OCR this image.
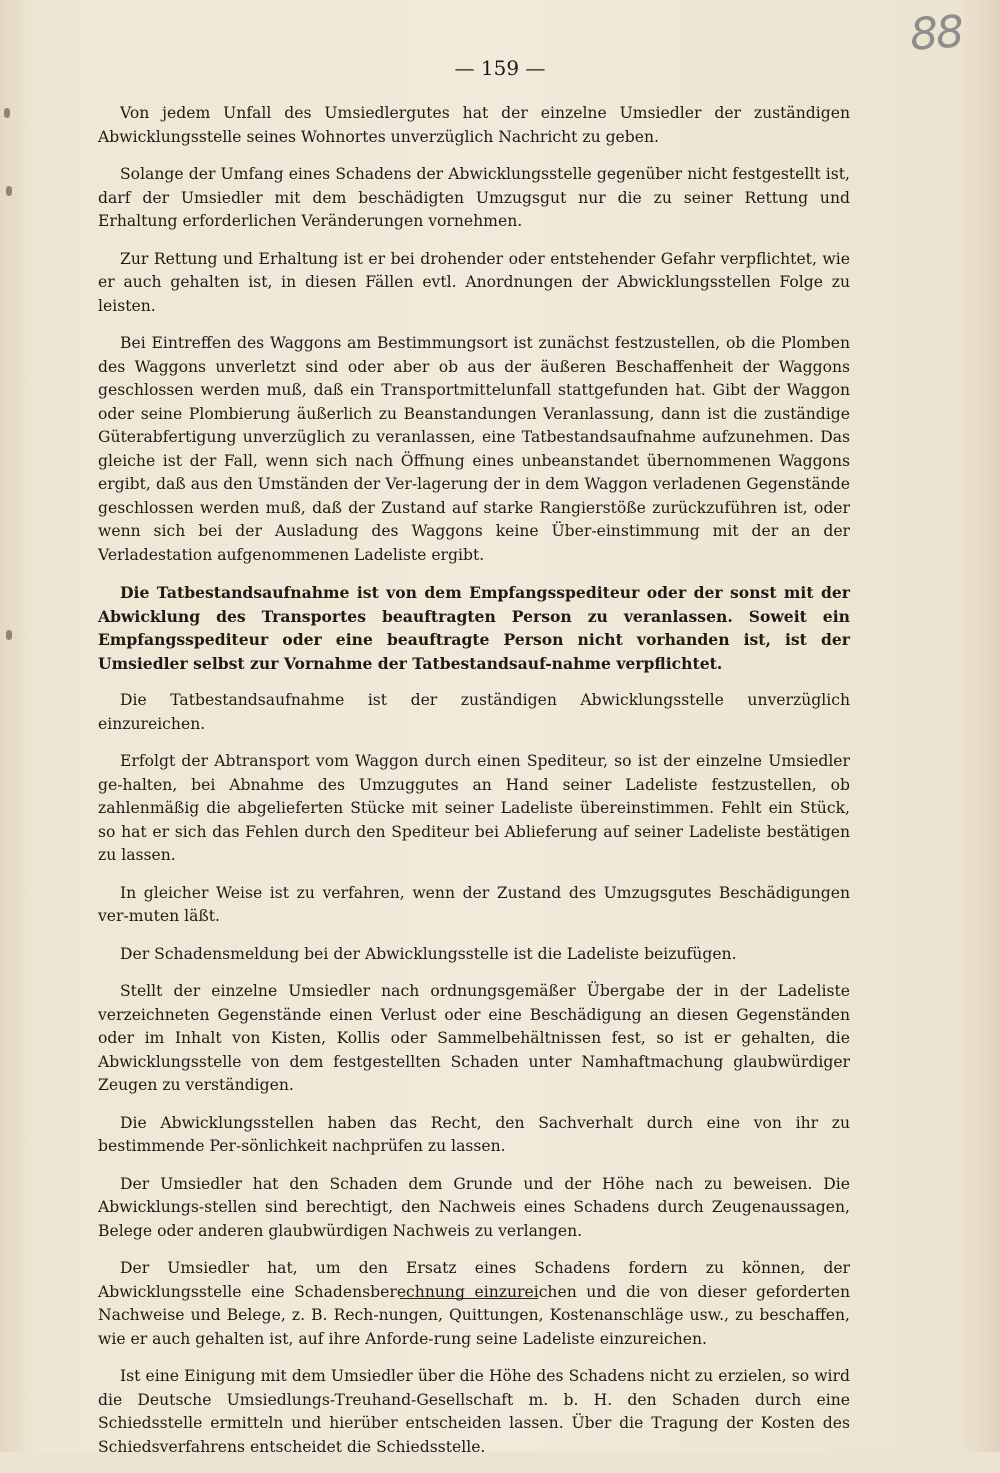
88
— 159 —

Von jedem Unfall des Umsiedlergutes hat der einzelne Umsiedler der zuständigen Abwicklungsstelle seines Wohnortes unverzüglich Nachricht zu geben.

Solange der Umfang eines Schadens der Abwicklungsstelle gegenüber nicht festgestellt ist, darf der Umsiedler mit dem beschädigten Umzugsgut nur die zu seiner Rettung und Erhaltung erforderlichen Veränderungen vornehmen.

Zur Rettung und Erhaltung ist er bei drohender oder entstehender Gefahr verpflichtet, wie er auch gehalten ist, in diesen Fällen evtl. Anordnungen der Abwicklungsstellen Folge zu leisten.

Bei Eintreffen des Waggons am Bestimmungsort ist zunächst festzustellen, ob die Plomben des Waggons unverletzt sind oder aber ob aus der äußeren Beschaffenheit der Waggons geschlossen werden muß, daß ein Transportmittelunfall stattgefunden hat. Gibt der Waggon oder seine Plombierung äußerlich zu Beanstandungen Veranlassung, dann ist die zuständige Güterabfertigung unverzüglich zu veranlassen, eine Tatbestandsaufnahme aufzunehmen. Das gleiche ist der Fall, wenn sich nach Öffnung eines unbeanstandet übernommenen Waggons ergibt, daß aus den Umständen der Ver-lagerung der in dem Waggon verladenen Gegenstände geschlossen werden muß, daß der Zustand auf starke Rangierstöße zurückzuführen ist, oder wenn sich bei der Ausladung des Waggons keine Über-einstimmung mit der an der Verladestation aufgenommenen Ladeliste ergibt.

Die Tatbestandsaufnahme ist von dem Empfangsspediteur oder der sonst mit der Abwicklung des Transportes beauftragten Person zu veranlassen. Soweit ein Empfangsspediteur oder eine beauftragte Person nicht vorhanden ist, ist der Umsiedler selbst zur Vornahme der Tatbestandsauf-nahme verpflichtet.

Die Tatbestandsaufnahme ist der zuständigen Abwicklungsstelle unverzüglich einzureichen.

Erfolgt der Abtransport vom Waggon durch einen Spediteur, so ist der einzelne Umsiedler ge-halten, bei Abnahme des Umzuggutes an Hand seiner Ladeliste festzustellen, ob zahlenmäßig die abgelieferten Stücke mit seiner Ladeliste übereinstimmen. Fehlt ein Stück, so hat er sich das Fehlen durch den Spediteur bei Ablieferung auf seiner Ladeliste bestätigen zu lassen.

In gleicher Weise ist zu verfahren, wenn der Zustand des Umzugsgutes Beschädigungen ver-muten läßt.

Der Schadensmeldung bei der Abwicklungsstelle ist die Ladeliste beizufügen.

Stellt der einzelne Umsiedler nach ordnungsgemäßer Übergabe der in der Ladeliste verzeichneten Gegenstände einen Verlust oder eine Beschädigung an diesen Gegenständen oder im Inhalt von Kisten, Kollis oder Sammelbehältnissen fest, so ist er gehalten, die Abwicklungsstelle von dem festgestellten Schaden unter Namhaftmachung glaubwürdiger Zeugen zu verständigen.

Die Abwicklungsstellen haben das Recht, den Sachverhalt durch eine von ihr zu bestimmende Per-sönlichkeit nachprüfen zu lassen.

Der Umsiedler hat den Schaden dem Grunde und der Höhe nach zu beweisen. Die Abwicklungs-stellen sind berechtigt, den Nachweis eines Schadens durch Zeugenaussagen, Belege oder anderen glaubwürdigen Nachweis zu verlangen.

Der Umsiedler hat, um den Ersatz eines Schadens fordern zu können, der Abwicklungsstelle eine Schadensberechnung einzureichen und die von dieser geforderten Nachweise und Belege, z. B. Rech-nungen, Quittungen, Kostenanschläge usw., zu beschaffen, wie er auch gehalten ist, auf ihre Anforde-rung seine Ladeliste einzureichen.

Ist eine Einigung mit dem Umsiedler über die Höhe des Schadens nicht zu erzielen, so wird die Deutsche Umsiedlungs-Treuhand-Gesellschaft m. b. H. den Schaden durch eine Schiedsstelle ermitteln und hierüber entscheiden lassen. Über die Tragung der Kosten des Schiedsverfahrens entscheidet die Schiedsstelle.
